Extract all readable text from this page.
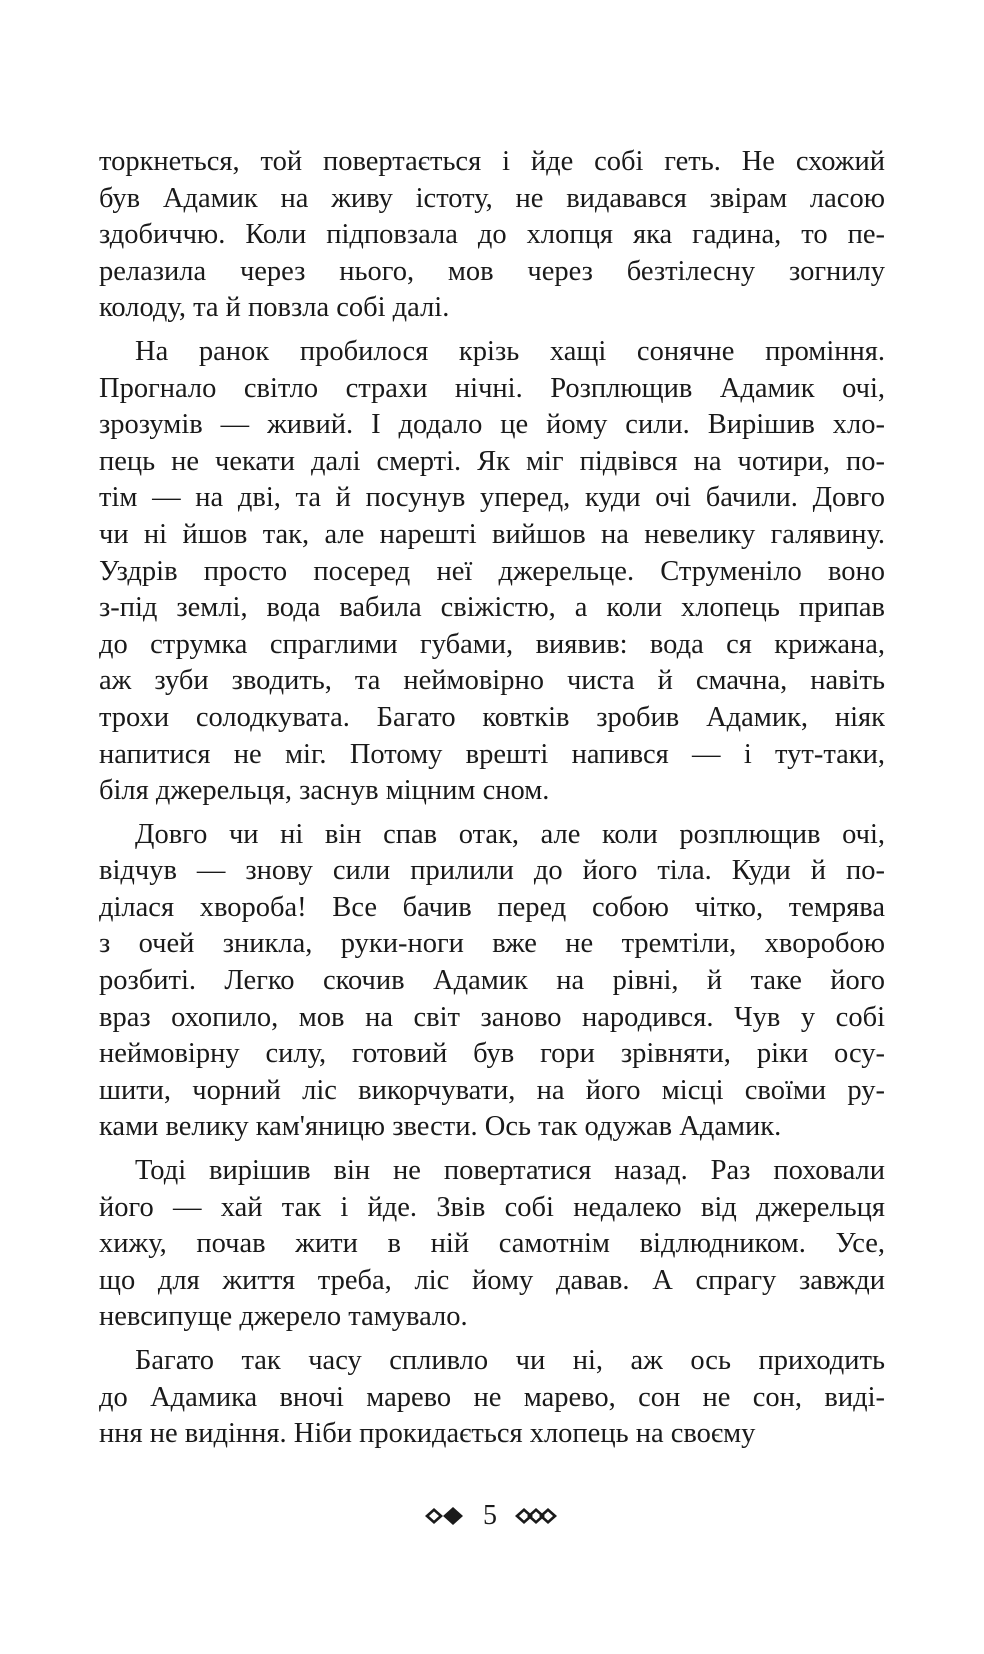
торкнеться, той повертається і йде собі геть. Не схожий
був Адамик на живу істоту, не видавався звірам ласою
здобиччю. Коли підповзала до хлопця яка гадина, то пе-
релазила через нього, мов через безтілесну зогнилу
колоду, та й повзла собі далі.

На ранок пробилося крізь хащі сонячне проміння.
Прогнало світло страхи нічні. Розплющив Адамик очі,
зрозумів — живий. І додало це йому сили. Вирішив хло-
пець не чекати далі смерті. Як міг підвівся на чотири, по-
тім — на дві, та й посунув уперед, куди очі бачили. Довго
чи ні йшов так, але нарешті вийшов на невелику галявину.
Уздрів просто посеред неї джерельце. Струменіло воно
з-під землі, вода вабила свіжістю, а коли хлопець припав
до струмка спраглими губами, виявив: вода ся крижана,
аж зуби зводить, та неймовірно чиста й смачна, навіть
трохи солодкувата. Багато ковтків зробив Адамик, ніяк
напитися не міг. Потому врешті напився — і тут-таки,
біля джерельця, заснув міцним сном.

Довго чи ні він спав отак, але коли розплющив очі,
відчув — знову сили прилили до його тіла. Куди й по-
ділася хвороба! Все бачив перед собою чітко, темрява
з очей зникла, руки-ноги вже не тремтіли, хворобою
розбиті. Легко скочив Адамик на рівні, й таке його
враз охопило, мов на світ заново народився. Чув у собі
неймовірну силу, готовий був гори зрівняти, ріки осу-
шити, чорний ліс викорчувати, на його місці своїми ру-
ками велику кам'яницю звести. Ось так одужав Адамик.

Тоді вирішив він не повертатися назад. Раз поховали
його — хай так і йде. Звів собі недалеко від джерельця
хижу, почав жити в ній самотнім відлюдником. Усе,
що для життя треба, ліс йому давав. А спрагу завжди
невсипуще джерело тамувало.

Багато так часу спливло чи ні, аж ось приходить
до Адамика вночі марево не марево, сон не сон, виді-
ння не видіння. Ніби прокидається хлопець на своєму

5
